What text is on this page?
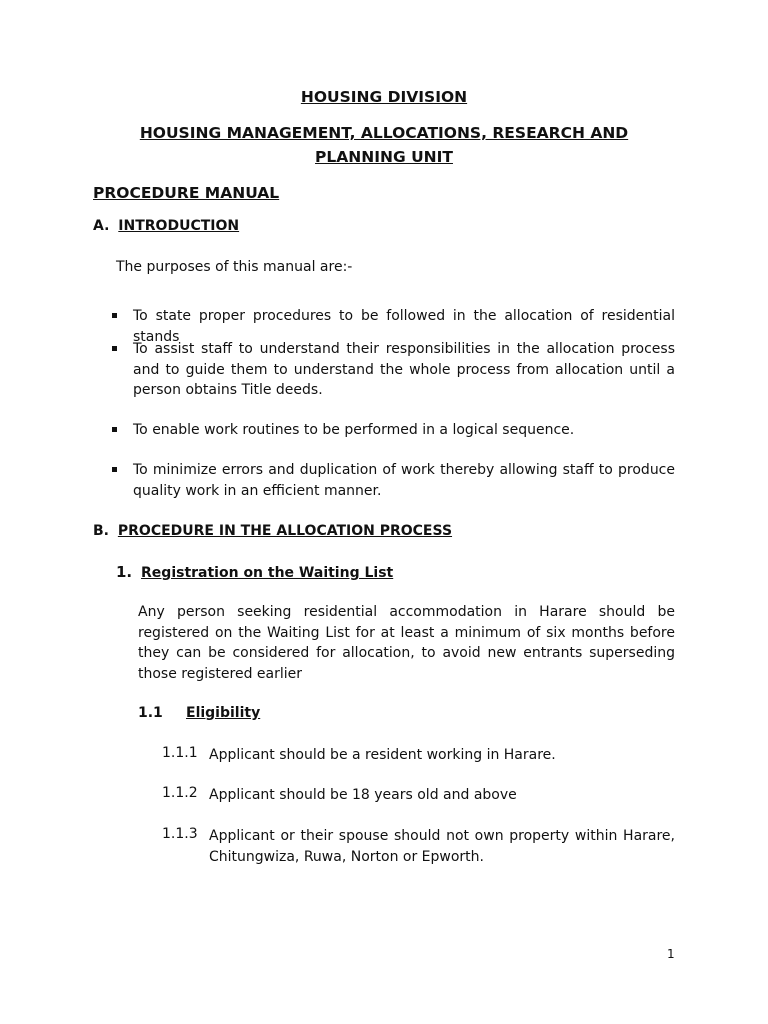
HOUSING DIVISION
HOUSING MANAGEMENT, ALLOCATIONS, RESEARCH AND
PLANNING UNIT
PROCEDURE MANUAL
A. INTRODUCTION
The purposes of this manual are:-
To state proper procedures to be followed in the allocation of residential stands
To assist staff to understand their responsibilities in the allocation process and to guide them to understand the whole process from allocation until a person obtains Title deeds.
To enable work routines to be performed in a logical sequence.
To minimize errors and duplication of work thereby allowing staff to produce quality work in an efficient manner.
B. PROCEDURE IN THE ALLOCATION PROCESS
1. Registration on the Waiting List
Any person seeking residential accommodation in Harare should be registered on the Waiting List for at least a minimum of six months before they can be considered for allocation, to avoid new entrants superseding those registered earlier
1.1 Eligibility
1.1.1 Applicant should be a resident working in Harare.
1.1.2 Applicant should be 18 years old and above
1.1.3 Applicant or their spouse should not own property within Harare, Chitungwiza, Ruwa, Norton or Epworth.
1
